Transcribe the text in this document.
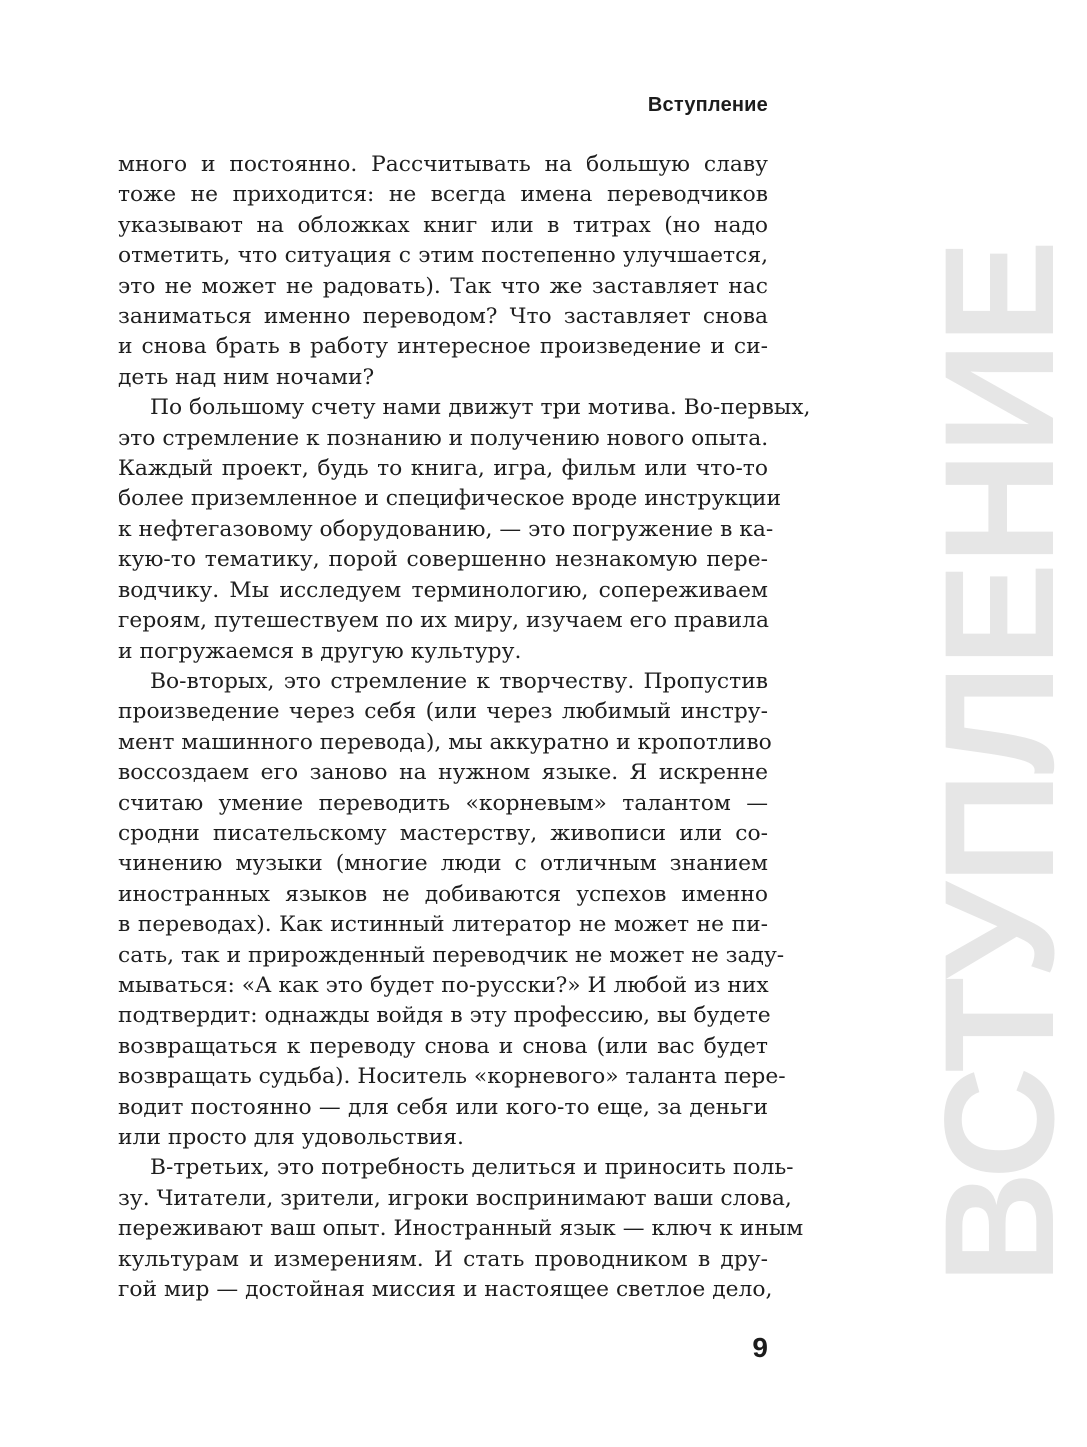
Вступление
ВСТУПЛЕНИЕ
много и постоянно. Рассчитывать на большую славу
тоже не приходится: не всегда имена переводчиков
указывают на обложках книг или в титрах (но надо
отметить, что ситуация с этим постепенно улучшается,
это не может не радовать). Так что же заставляет нас
заниматься именно переводом? Что заставляет снова
и снова брать в работу интересное произведение и си-
деть над ним ночами?
По большому счету нами движут три мотива. Во-первых,
это стремление к познанию и получению нового опыта.
Каждый проект, будь то книга, игра, фильм или что-то
более приземленное и специфическое вроде инструкции
к нефтегазовому оборудованию, — это погружение в ка-
кую-то тематику, порой совершенно незнакомую пере-
водчику. Мы исследуем терминологию, сопереживаем
героям, путешествуем по их миру, изучаем его правила
и погружаемся в другую культуру.
Во-вторых, это стремление к творчеству. Пропустив
произведение через себя (или через любимый инстру-
мент машинного перевода), мы аккуратно и кропотливо
воссоздаем его заново на нужном языке. Я искренне
считаю умение переводить «корневым» талантом —
сродни писательскому мастерству, живописи или со-
чинению музыки (многие люди с отличным знанием
иностранных языков не добиваются успехов именно
в переводах). Как истинный литератор не может не пи-
сать, так и прирожденный переводчик не может не заду-
мываться: «А как это будет по-русски?» И любой из них
подтвердит: однажды войдя в эту профессию, вы будете
возвращаться к переводу снова и снова (или вас будет
возвращать судьба). Носитель «корневого» таланта пере-
водит постоянно — для себя или кого-то еще, за деньги
или просто для удовольствия.
В-третьих, это потребность делиться и приносить поль-
зу. Читатели, зрители, игроки воспринимают ваши слова,
переживают ваш опыт. Иностранный язык — ключ к иным
культурам и измерениям. И стать проводником в дру-
гой мир — достойная миссия и настоящее светлое дело,
9
